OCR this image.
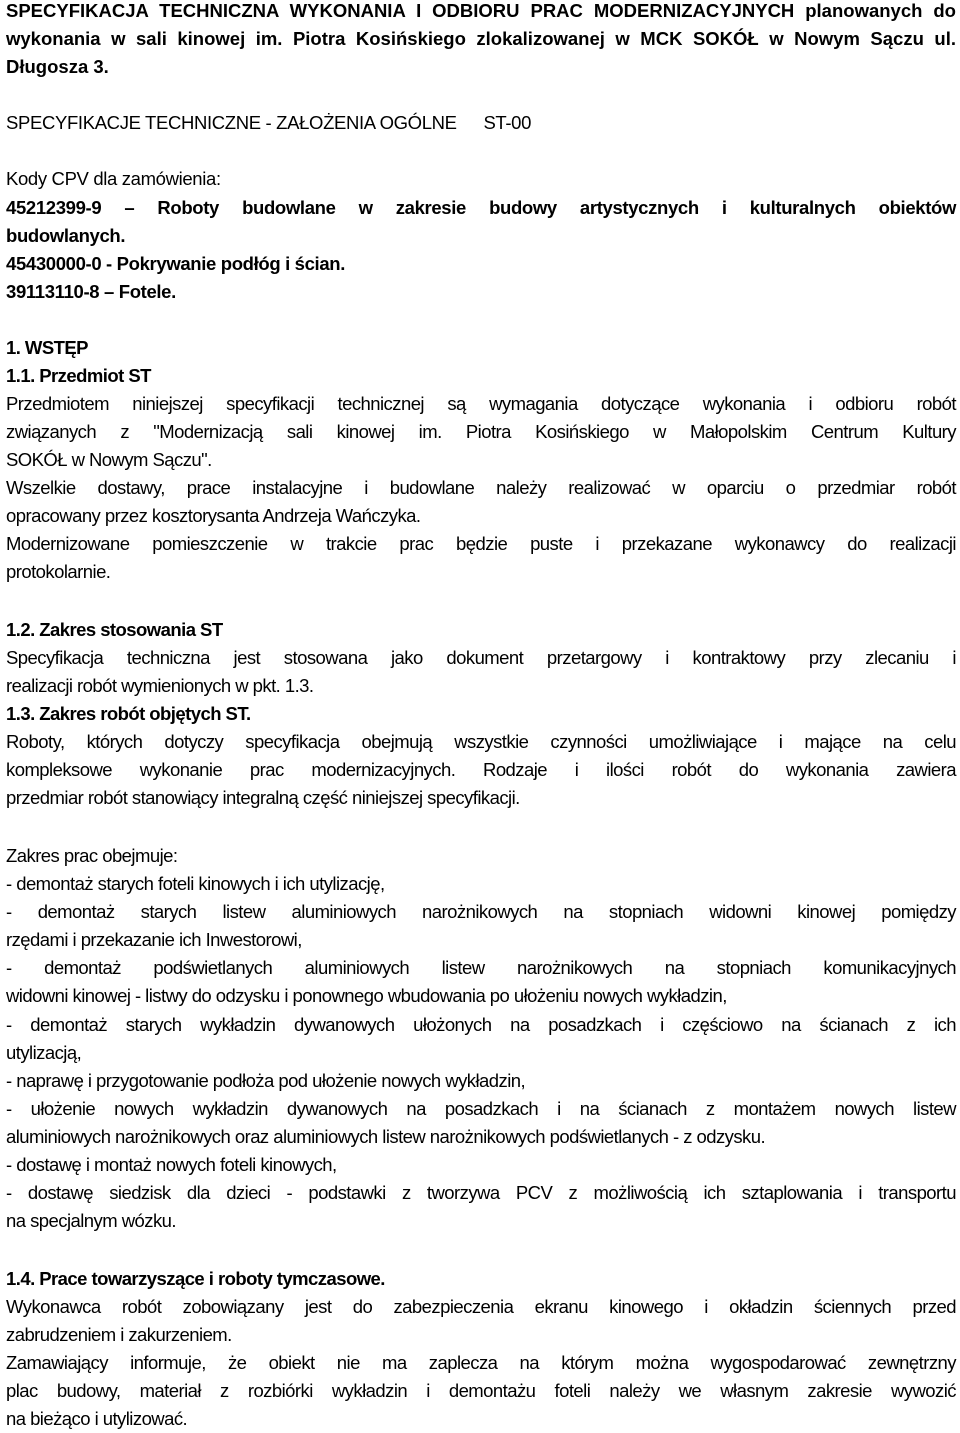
SPECYFIKACJA TECHNICZNA WYKONANIA I ODBIORU PRAC MODERNIZACYJNYCH planowanych do
wykonania w sali kinowej im. Piotra Kosińskiego zlokalizowanej w MCK SOKÓŁ w Nowym Sączu ul.
Długosza 3.
SPECYFIKACJE TECHNICZNE - ZAŁOŻENIA OGÓLNE ST-00
Kody CPV dla zamówienia:
45212399-9 – Roboty budowlane w zakresie budowy artystycznych i kulturalnych obiektów
budowlanych.
45430000-0 - Pokrywanie podłóg i ścian.
39113110-8 – Fotele.
1. WSTĘP
1.1. Przedmiot ST
Przedmiotem niniejszej specyfikacji technicznej są wymagania dotyczące wykonania i odbioru robót
związanych z "Modernizacją sali kinowej im. Piotra Kosińskiego w Małopolskim Centrum Kultury
SOKÓŁ w Nowym Sączu".
Wszelkie dostawy, prace instalacyjne i budowlane należy realizować w oparciu o przedmiar robót
opracowany przez kosztorysanta Andrzeja Wańczyka.
Modernizowane pomieszczenie w trakcie prac będzie puste i przekazane wykonawcy do realizacji
protokolarnie.
1.2. Zakres stosowania ST
Specyfikacja techniczna jest stosowana jako dokument przetargowy i kontraktowy przy zlecaniu i
realizacji robót wymienionych w pkt. 1.3.
1.3. Zakres robót objętych ST.
Roboty, których dotyczy specyfikacja obejmują wszystkie czynności umożliwiające i mające na celu
kompleksowe wykonanie prac modernizacyjnych. Rodzaje i ilości robót do wykonania zawiera
przedmiar robót stanowiący integralną część niniejszej specyfikacji.
Zakres prac obejmuje:
- demontaż starych foteli kinowych i ich utylizację,
- demontaż starych listew aluminiowych narożnikowych na stopniach widowni kinowej pomiędzy
rzędami i przekazanie ich Inwestorowi,
- demontaż podświetlanych aluminiowych listew narożnikowych na stopniach komunikacyjnych
widowni kinowej - listwy do odzysku i ponownego wbudowania po ułożeniu nowych wykładzin,
- demontaż starych wykładzin dywanowych ułożonych na posadzkach i częściowo na ścianach z ich
utylizacją,
- naprawę i przygotowanie podłoża pod ułożenie nowych wykładzin,
- ułożenie nowych wykładzin dywanowych na posadzkach i na ścianach z montażem nowych listew
aluminiowych narożnikowych oraz aluminiowych listew narożnikowych podświetlanych - z odzysku.
- dostawę i montaż nowych foteli kinowych,
- dostawę siedzisk dla dzieci - podstawki z tworzywa PCV z możliwością ich sztaplowania i transportu
na specjalnym wózku.
1.4. Prace towarzyszące i roboty tymczasowe.
Wykonawca robót zobowiązany jest do zabezpieczenia ekranu kinowego i okładzin ściennych przed
zabrudzeniem i zakurzeniem.
Zamawiający informuje, że obiekt nie ma zaplecza na którym można wygospodarować zewnętrzny
plac budowy, materiał z rozbiórki wykładzin i demontażu foteli należy we własnym zakresie wywozić
na bieżąco i utylizować.
